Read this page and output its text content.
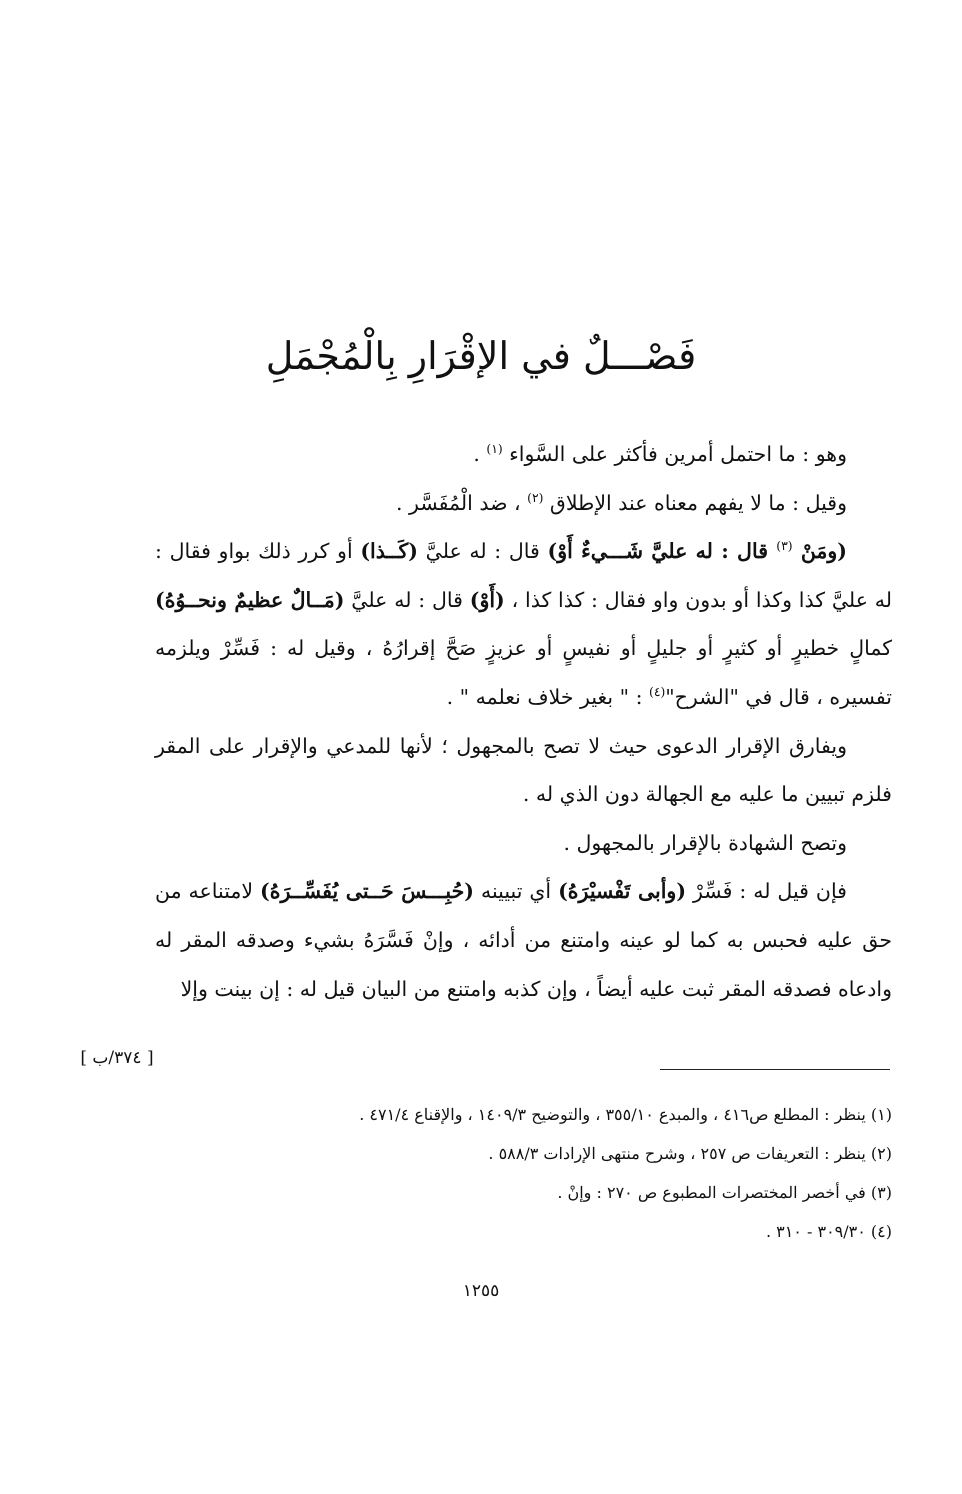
فَصْـــلٌ في الإقْرَارِ بِالْمُجْمَلِ

وهو : ما احتمل أمرين فأكثر على السَّواء $^{(١)}$ .

وقيل : ما لا يفهم معناه عند الإطلاق $^{(٢)}$ ، ضد الْمُفَسَّر .

(ومَنْ $^{(٣)}$ قال : له عليَّ شَـــيءٌ أَوْ) قال : له عليَّ (كَــذا) أو كرر ذلك بواو فقال : له عليَّ كذا وكذا أو بدون واو فقال : كذا كذا ، (أَوْ) قال : له عليَّ (مَــالٌ عظيمٌ ونحــوُهُ) كمالٍ خطيرٍ أو كثيرٍ أو جليلٍ أو نفيسٍ أو عزيزٍ صَحَّ إقرارُهُ ، وقيل له : فَسِّرْ ويلزمه تفسيره ، قال في "الشرح"$^{(٤)}$ : " بغير خلاف نعلمه " .

ويفارق الإقرار الدعوى حيث لا تصح بالمجهول ؛ لأنها للمدعي والإقرار على المقر فلزم تبيين ما عليه مع الجهالة دون الذي له .

وتصح الشهادة بالإقرار بالمجهول .

فإن قيل له : فَسِّرْ (وأبى تَفْسيْرَهُ) أي تبيينه (حُبِـــسَ حَــتى يُفَسِّــرَهُ) لامتناعه من حق عليه فحبس به كما لو عينه وامتنع من أدائه ، وإنْ فَسَّرَهُ بشيء وصدقه المقر له وادعاه فصدقه المقر ثبت عليه أيضاً ، وإن كذبه وامتنع من البيان قيل له : إن بينت وإلا

[ ٣٧٤/ب ]
(١) ينظر : المطلع ص٤١٦ ، والمبدع ٣٥٥/١٠ ، والتوضيح ١٤٠٩/٣ ، والإقناع ٤٧١/٤ .
(٢) ينظر : التعريفات ص ٢٥٧ ، وشرح منتهى الإرادات ٥٨٨/٣ .
(٣) في أخصر المختصرات المطبوع ص ٢٧٠ : وإنْ .
(٤) ٣٠٩/٣٠ - ٣١٠ .
١٢٥٥
